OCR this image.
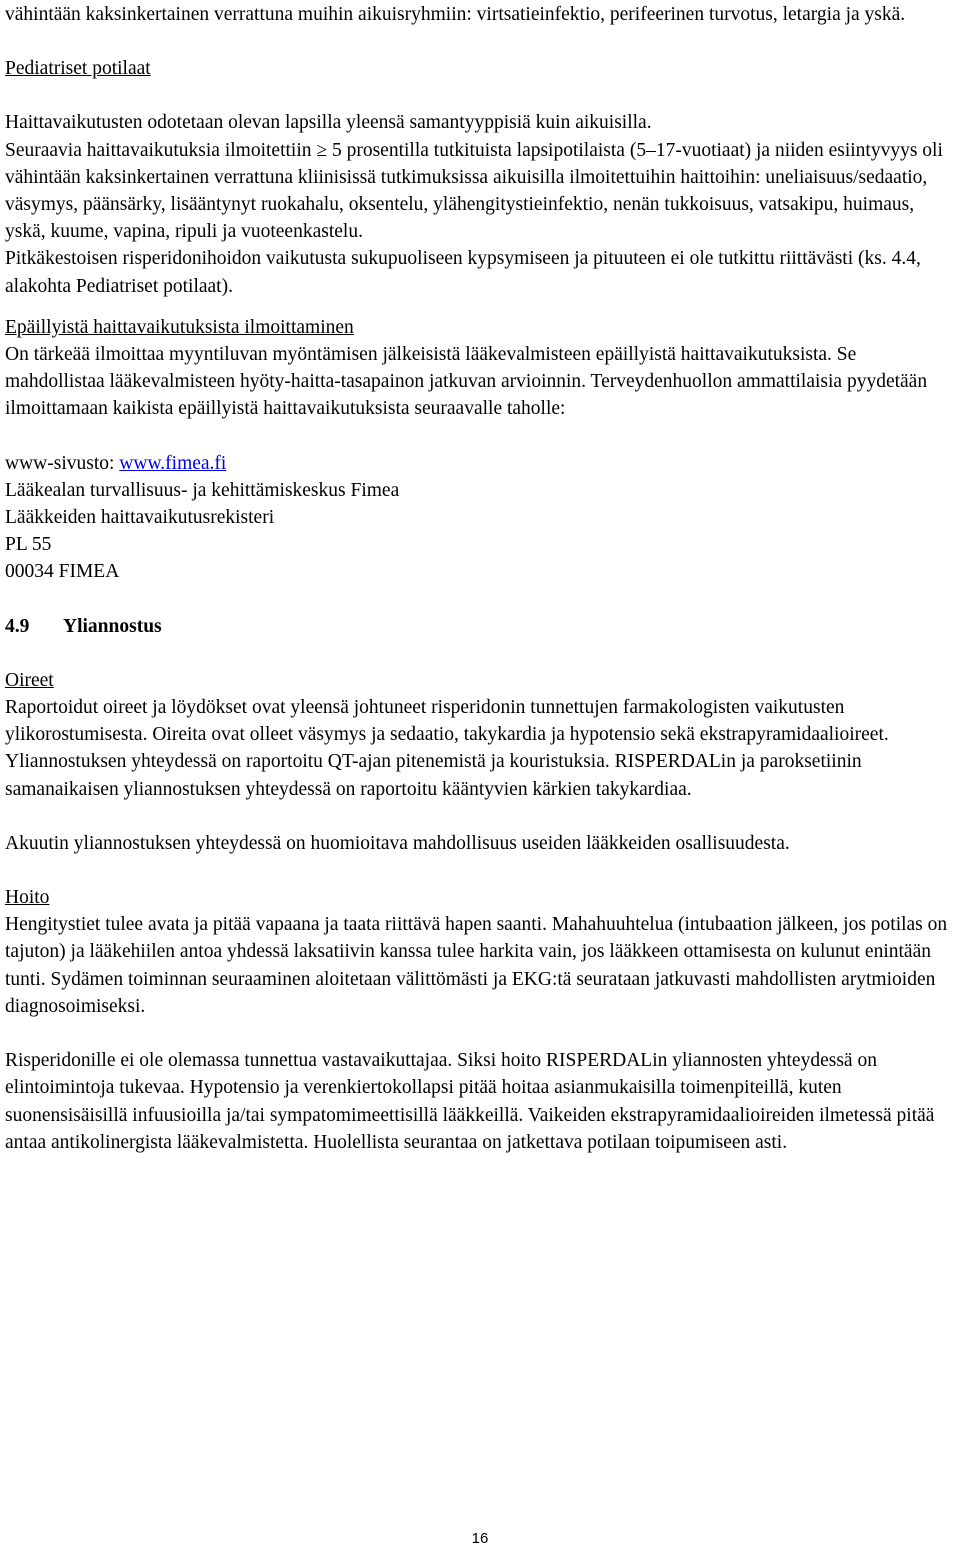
vähintään kaksinkertainen verrattuna muihin aikuisryhmiin: virtsatieinfektio, perifeerinen turvotus, letargia ja yskä.

Pediatriset potilaat

Haittavaikutusten odotetaan olevan lapsilla yleensä samantyyppisiä kuin aikuisilla.

Seuraavia haittavaikutuksia ilmoitettiin ≥ 5 prosentilla tutkituista lapsipotilaista (5–17-vuotiaat) ja niiden esiintyvyys oli vähintään kaksinkertainen verrattuna kliinisissä tutkimuksissa aikuisilla ilmoitettuihin haittoihin: uneliaisuus/sedaatio, väsymys, päänsärky, lisääntynyt ruokahalu, oksentelu, ylähengitystieinfektio, nenän tukkoisuus, vatsakipu, huimaus, yskä, kuume, vapina, ripuli ja vuoteenkastelu.

Pitkäkestoisen risperidonihoidon vaikutusta sukupuoliseen kypsymiseen ja pituuteen ei ole tutkittu riittävästi (ks. 4.4, alakohta Pediatriset potilaat).

Epäillyistä haittavaikutuksista ilmoittaminen

On tärkeää ilmoittaa myyntiluvan myöntämisen jälkeisistä lääkevalmisteen epäillyistä haittavaikutuksista. Se mahdollistaa lääkevalmisteen hyöty-haitta-tasapainon jatkuvan arvioinnin. Terveydenhuollon ammattilaisia pyydetään ilmoittamaan kaikista epäillyistä haittavaikutuksista seuraavalle taholle:

www-sivusto: www.fimea.fi

Lääkealan turvallisuus- ja kehittämiskeskus Fimea

Lääkkeiden haittavaikutusrekisteri

PL 55

00034 FIMEA

4.9 Yliannostus

Oireet

Raportoidut oireet ja löydökset ovat yleensä johtuneet risperidonin tunnettujen farmakologisten vaikutusten ylikorostumisesta. Oireita ovat olleet väsymys ja sedaatio, takykardia ja hypotensio sekä ekstrapyramidaalioireet. Yliannostuksen yhteydessä on raportoitu QT-ajan pitenemistä ja kouristuksia. RISPERDALin ja paroksetiinin samanaikaisen yliannostuksen yhteydessä on raportoitu kääntyvien kärkien takykardiaa.

Akuutin yliannostuksen yhteydessä on huomioitava mahdollisuus useiden lääkkeiden osallisuudesta.

Hoito

Hengitystiet tulee avata ja pitää vapaana ja taata riittävä hapen saanti. Mahahuuhtelua (intubaation jälkeen, jos potilas on tajuton) ja lääkehiilen antoa yhdessä laksatiivin kanssa tulee harkita vain, jos lääkkeen ottamisesta on kulunut enintään tunti. Sydämen toiminnan seuraaminen aloitetaan välittömästi ja EKG:tä seurataan jatkuvasti mahdollisten arytmioiden diagnosoimiseksi.

Risperidonille ei ole olemassa tunnettua vastavaikuttajaa. Siksi hoito RISPERDALin yliannosten yhteydessä on elintoimintoja tukevaa. Hypotensio ja verenkiertokollapsi pitää hoitaa asianmukaisilla toimenpiteillä, kuten suonensisäisillä infuusioilla ja/tai sympatomimeettisillä lääkkeillä. Vaikeiden ekstrapyramidaalioireiden ilmetessä pitää antaa antikolinergista lääkevalmistetta. Huolellista seurantaa on jatkettava potilaan toipumiseen asti.

16
